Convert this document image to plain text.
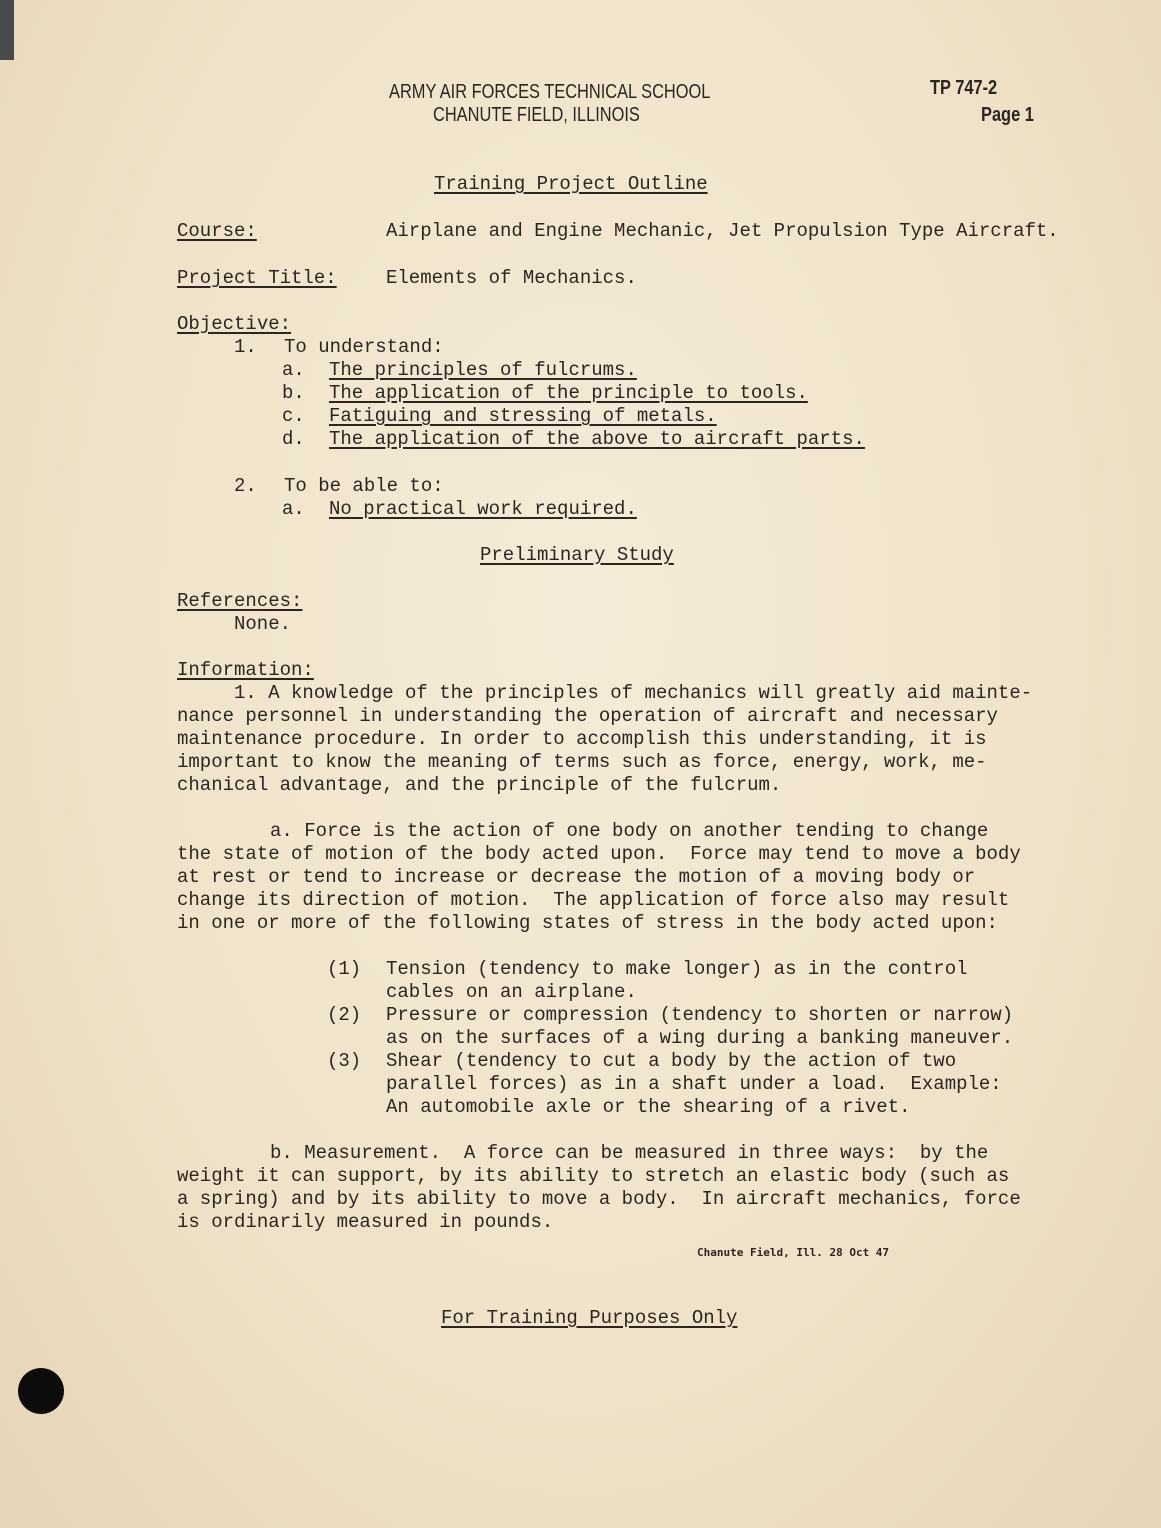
ARMY AIR FORCES TECHNICAL SCHOOL
CHANUTE FIELD, ILLINOIS
TP 747-2
Page 1
Training Project Outline
Course:	Airplane and Engine Mechanic, Jet Propulsion Type Aircraft.
Project Title:	Elements of Mechanics.
Objective:
1. To understand:
a. The principles of fulcrums.
b. The application of the principle to tools.
c. Fatiguing and stressing of metals.
d. The application of the above to aircraft parts.
2. To be able to:
a. No practical work required.
Preliminary Study
References:
None.
Information:
1. A knowledge of the principles of mechanics will greatly aid mainte-
nance personnel in understanding the operation of aircraft and necessary
maintenance procedure. In order to accomplish this understanding, it is
important to know the meaning of terms such as force, energy, work, me-
chanical advantage, and the principle of the fulcrum.
a. Force is the action of one body on another tending to change
the state of motion of the body acted upon.  Force may tend to move a body
at rest or tend to increase or decrease the motion of a moving body or
change its direction of motion.  The application of force also may result
in one or more of the following states of stress in the body acted upon:
(1) Tension (tendency to make longer) as in the control
cables on an airplane.
(2) Pressure or compression (tendency to shorten or narrow)
as on the surfaces of a wing during a banking maneuver.
(3) Shear (tendency to cut a body by the action of two
parallel forces) as in a shaft under a load.  Example:
An automobile axle or the shearing of a rivet.
b. Measurement.  A force can be measured in three ways:  by the
weight it can support, by its ability to stretch an elastic body (such as
a spring) and by its ability to move a body.  In aircraft mechanics, force
is ordinarily measured in pounds.
Chanute Field, Ill. 28 Oct 47
For Training Purposes Only
